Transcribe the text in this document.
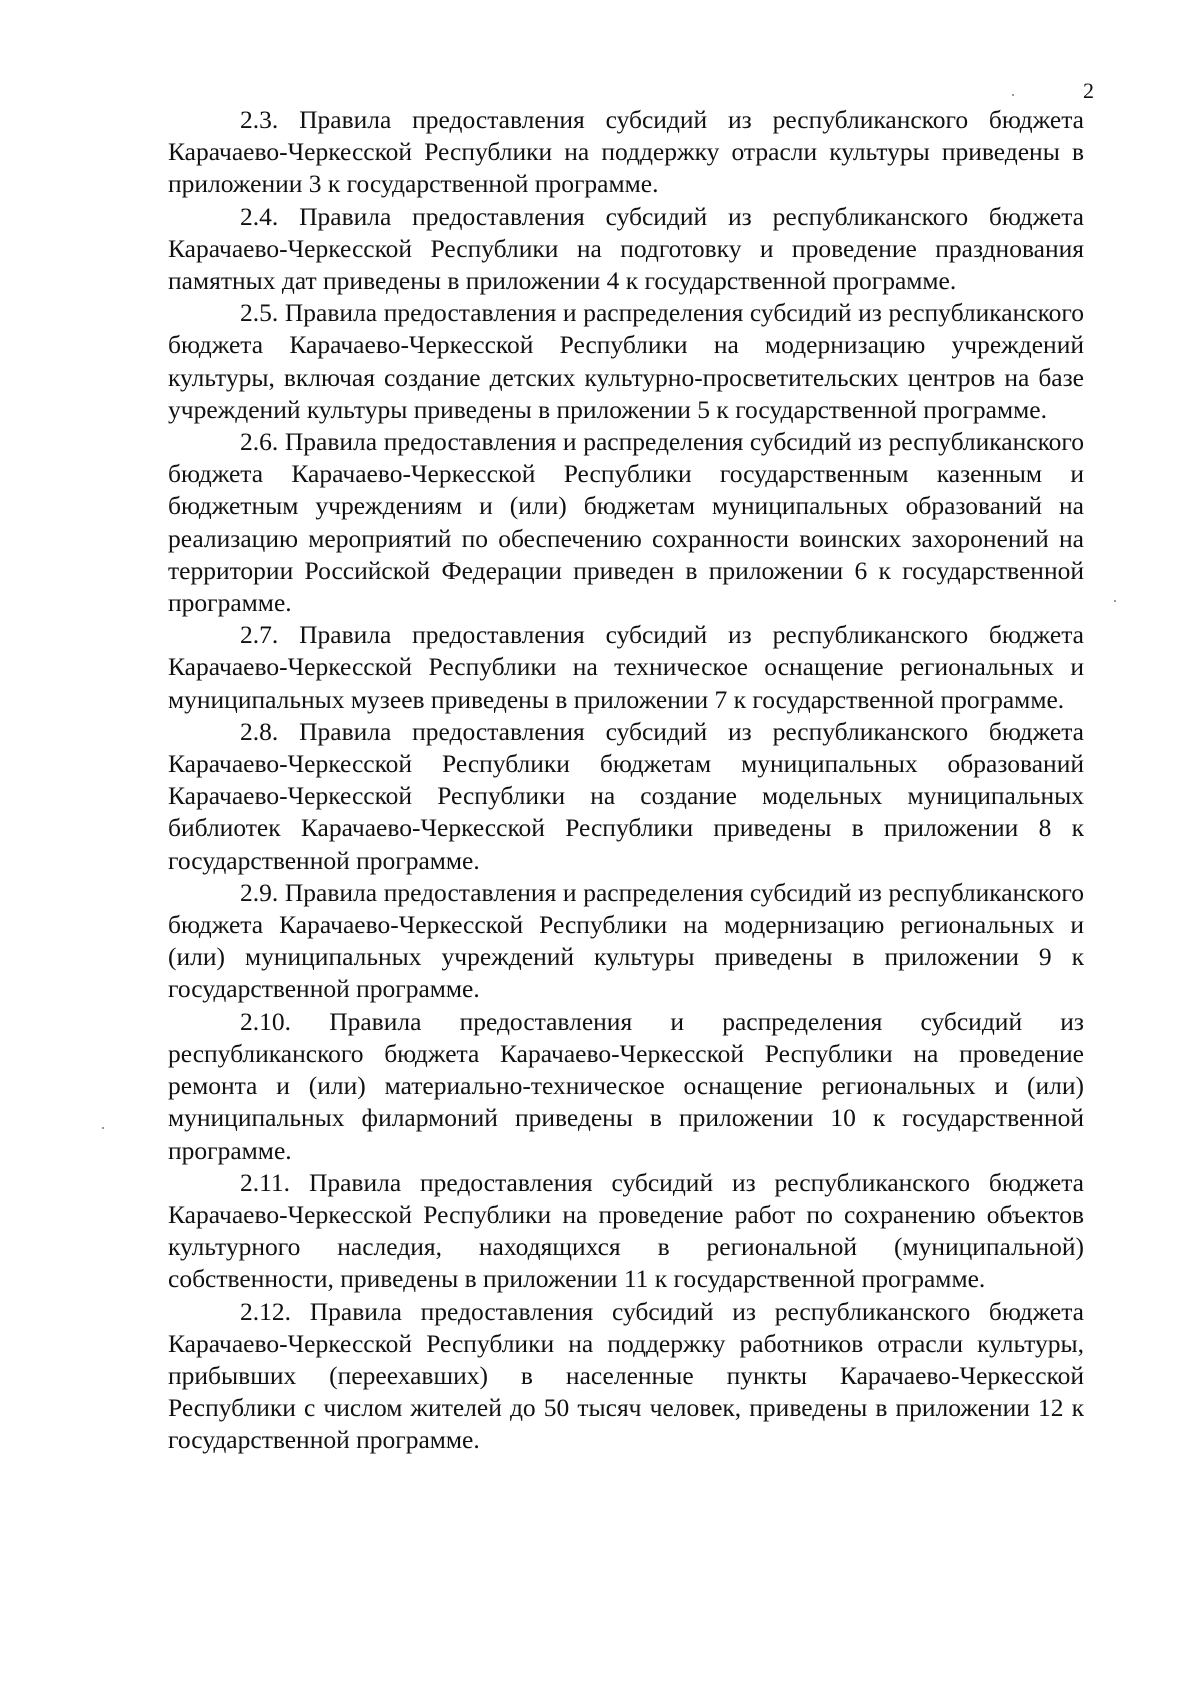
2

2.3. Правила предоставления субсидий из республиканского бюджета Карачаево-Черкесской Республики на поддержку отрасли культуры приведены в приложении 3 к государственной программе.

2.4. Правила предоставления субсидий из республиканского бюджета Карачаево-Черкесской Республики на подготовку и проведение празднования памятных дат приведены в приложении 4 к государственной программе.

2.5. Правила предоставления и распределения субсидий из республиканского бюджета Карачаево-Черкесской Республики на модернизацию учреждений культуры, включая создание детских культурно-просветительских центров на базе учреждений культуры приведены в приложении 5 к государственной программе.

2.6. Правила предоставления и распределения субсидий из республиканского бюджета Карачаево-Черкесской Республики государственным казенным и бюджетным учреждениям и (или) бюджетам муниципальных образований на реализацию мероприятий по обеспечению сохранности воинских захоронений на территории Российской Федерации приведен в приложении 6 к государственной программе.

2.7. Правила предоставления субсидий из республиканского бюджета Карачаево-Черкесской Республики на техническое оснащение региональных и муниципальных музеев приведены в приложении 7 к государственной программе.

2.8. Правила предоставления субсидий из республиканского бюджета Карачаево-Черкесской Республики бюджетам муниципальных образований Карачаево-Черкесской Республики на создание модельных муниципальных библиотек Карачаево-Черкесской Республики приведены в приложении 8 к государственной программе.

2.9. Правила предоставления и распределения субсидий из республиканского бюджета Карачаево-Черкесской Республики на модернизацию региональных и (или) муниципальных учреждений культуры приведены в приложении 9 к государственной программе.

2.10. Правила предоставления и распределения субсидий из республиканского бюджета Карачаево-Черкесской Республики на проведение ремонта и (или) материально-техническое оснащение региональных и (или) муниципальных филармоний приведены в приложении 10 к государственной программе.

2.11. Правила предоставления субсидий из республиканского бюджета Карачаево-Черкесской Республики на проведение работ по сохранению объектов культурного наследия, находящихся в региональной (муниципальной) собственности, приведены в приложении 11 к государственной программе.

2.12. Правила предоставления субсидий из республиканского бюджета Карачаево-Черкесской Республики на поддержку работников отрасли культуры, прибывших (переехавших) в населенные пункты Карачаево-Черкесской Республики с числом жителей до 50 тысяч человек, приведены в приложении 12 к государственной программе.
